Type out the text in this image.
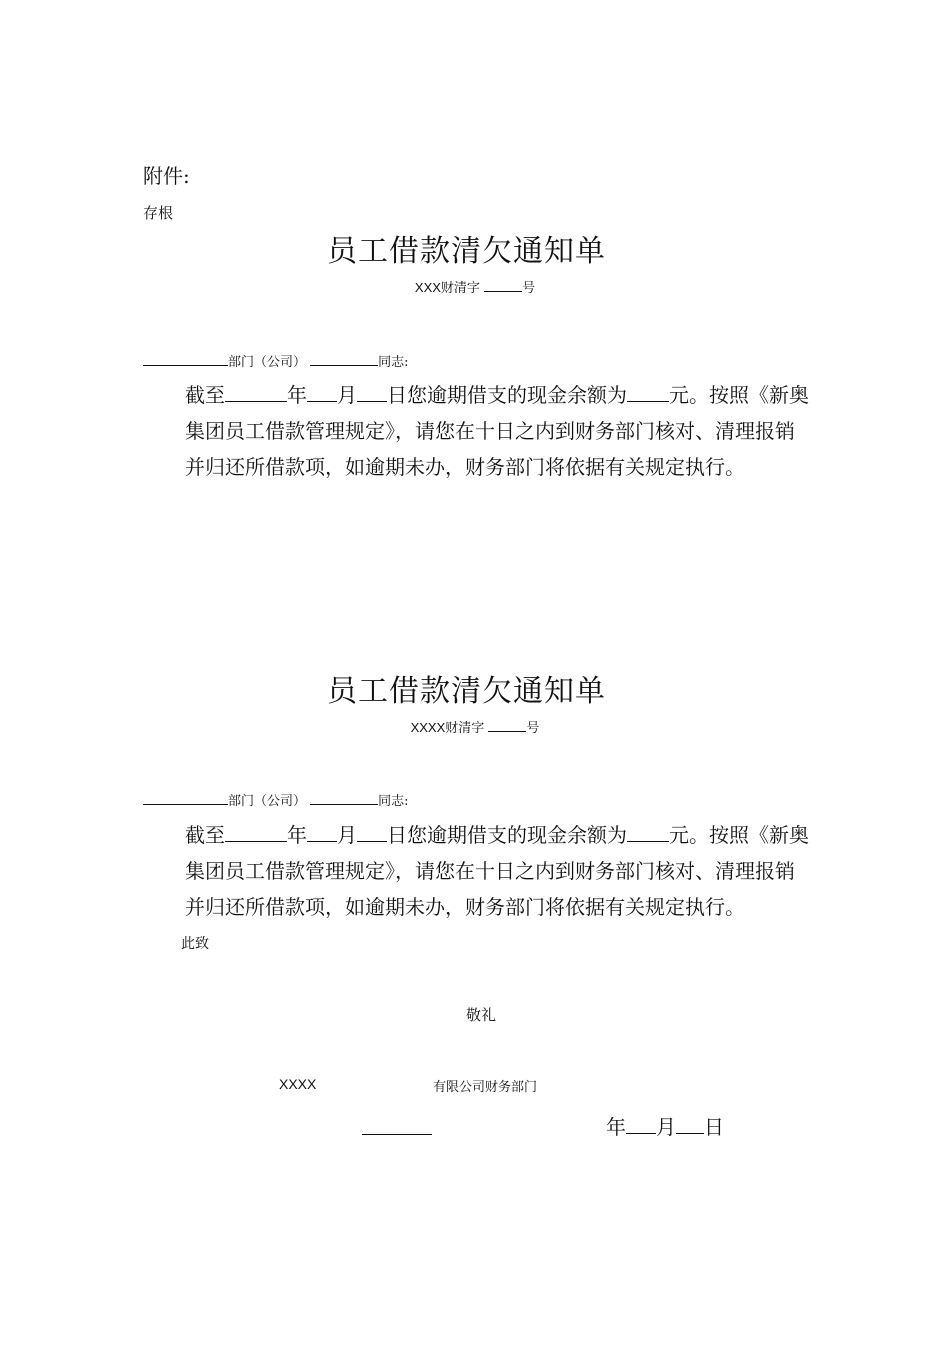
附件:
存根
员工借款清欠通知单
XXX财清字	号
部门（公司）	同志:

截至	年 月 日您逾期借支的现金余额为 元。按照《新奥集团员工借款管理规定》，请您在十日之内到财务部门核对、清理报销并归还所借款项，如逾期未办，财务部门将依据有关规定执行。

员工借款清欠通知单
XXXX财清字	号
部门（公司）	同志:

截至	年 月 日您逾期借支的现金余额为 元。按照《新奥集团员工借款管理规定》，请您在十日之内到财务部门核对、清理报销并归还所借款项，如逾期未办，财务部门将依据有关规定执行。

此致
敬礼
XXXX	有限公司财务部门
年 月 日
